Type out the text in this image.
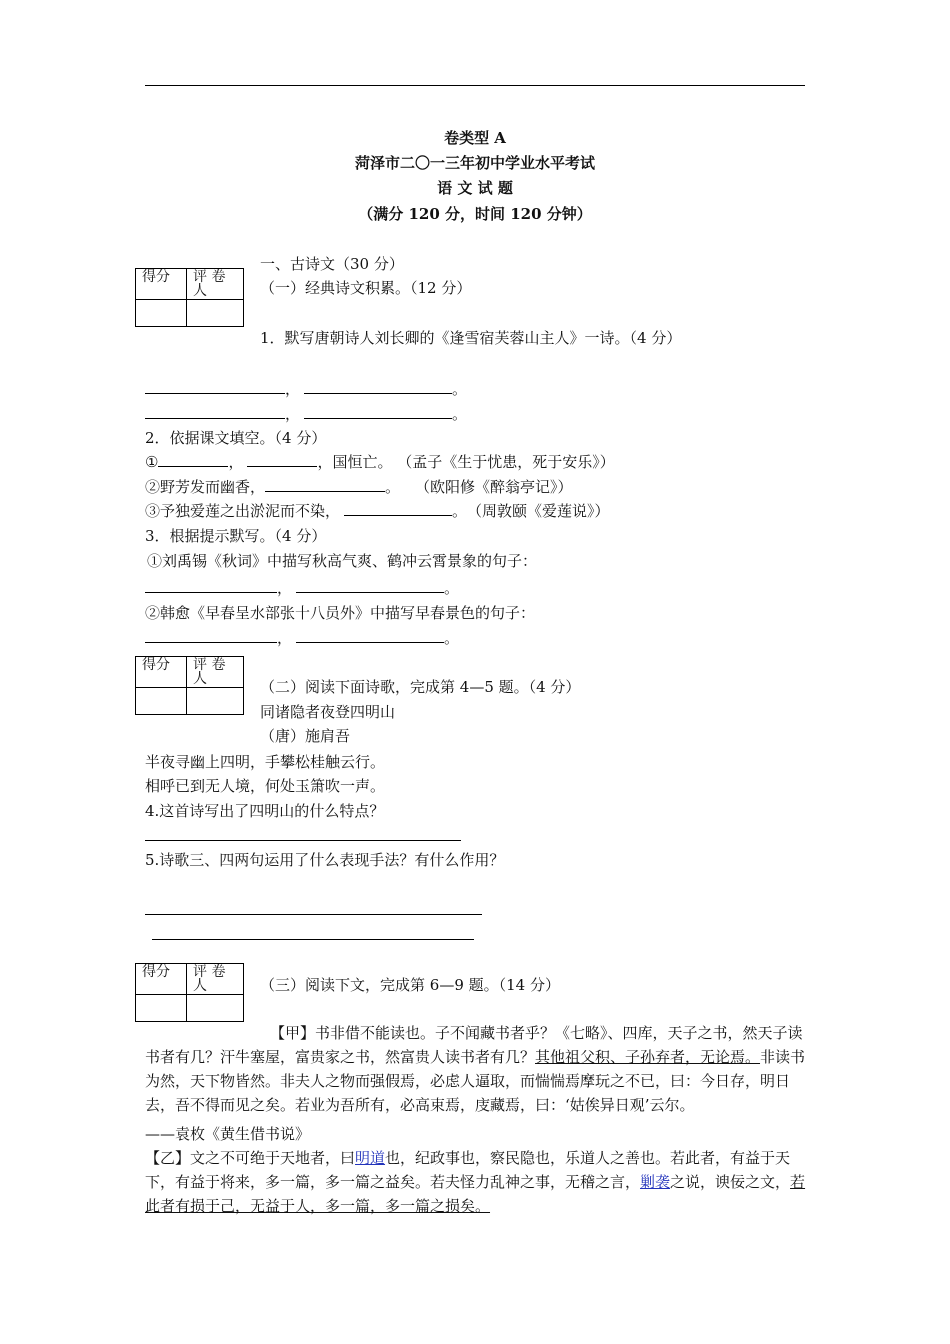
卷类型 A
菏泽市二〇一三年初中学业水平考试
语 文 试 题
（满分 120 分，时间 120 分钟）
一、古诗文（30 分）
得分	评 卷人
		（一）经典诗文积累。（12 分）
1．默写唐朝诗人刘长卿的《逢雪宿芙蓉山主人》一诗。（4 分）
，	。
，	。
2．依据课文填空。（4 分）
①	，	，国恒亡。 （孟子《生于忧患，死于安乐》）
②野芳发而幽香，	。　　（欧阳修《醉翁亭记》）
③予独爱莲之出淤泥而不染，	。　（周敦颐《爱莲说》）
3．根据提示默写。（4 分）
①刘禹锡《秋词》中描写秋高气爽、鹤冲云霄景象的句子：
，	。
②韩愈《早春呈水部张十八员外》中描写早春景色的句子：
，	。
得分	评 卷人
		（二）阅读下面诗歌，完成第 4—5 题。（4 分）
同诸隐者夜登四明山
（唐）施肩吾
半夜寻幽上四明，手攀松桂触云行。
相呼已到无人境，何处玉箫吹一声。
4.这首诗写出了四明山的什么特点？
5.诗歌三、四两句运用了什么表现手法？有什么作用？
得分	评 卷人
		（三）阅读下文，完成第 6—9 题。（14 分）
【甲】书非借不能读也。子不闻藏书者乎？《七略》、四库，天子之书，然天子读书者有几？汗牛塞屋，富贵家之书，然富贵人读书者有几？其他祖父积、子孙弃者，无论焉。非读书为然，天下物皆然。非夫人之物而强假焉，必虑人逼取，而惴惴焉摩玩之不已，曰：今日存，明日去，吾不得而见之矣。若业为吾所有，必高束焉，庋藏焉，曰：‘姑俟异日观’云尔。
——袁枚《黄生借书说》
【乙】文之不可绝于天地者，曰明道也，纪政事也，察民隐也，乐道人之善也。若此者，有益于天下，有益于将来，多一篇，多一篇之益矣。若夫怪力乱神之事，无稽之言，剿袭之说，谀佞之文，若此者有损于己，无益于人，多一篇，多一篇之损矣。
